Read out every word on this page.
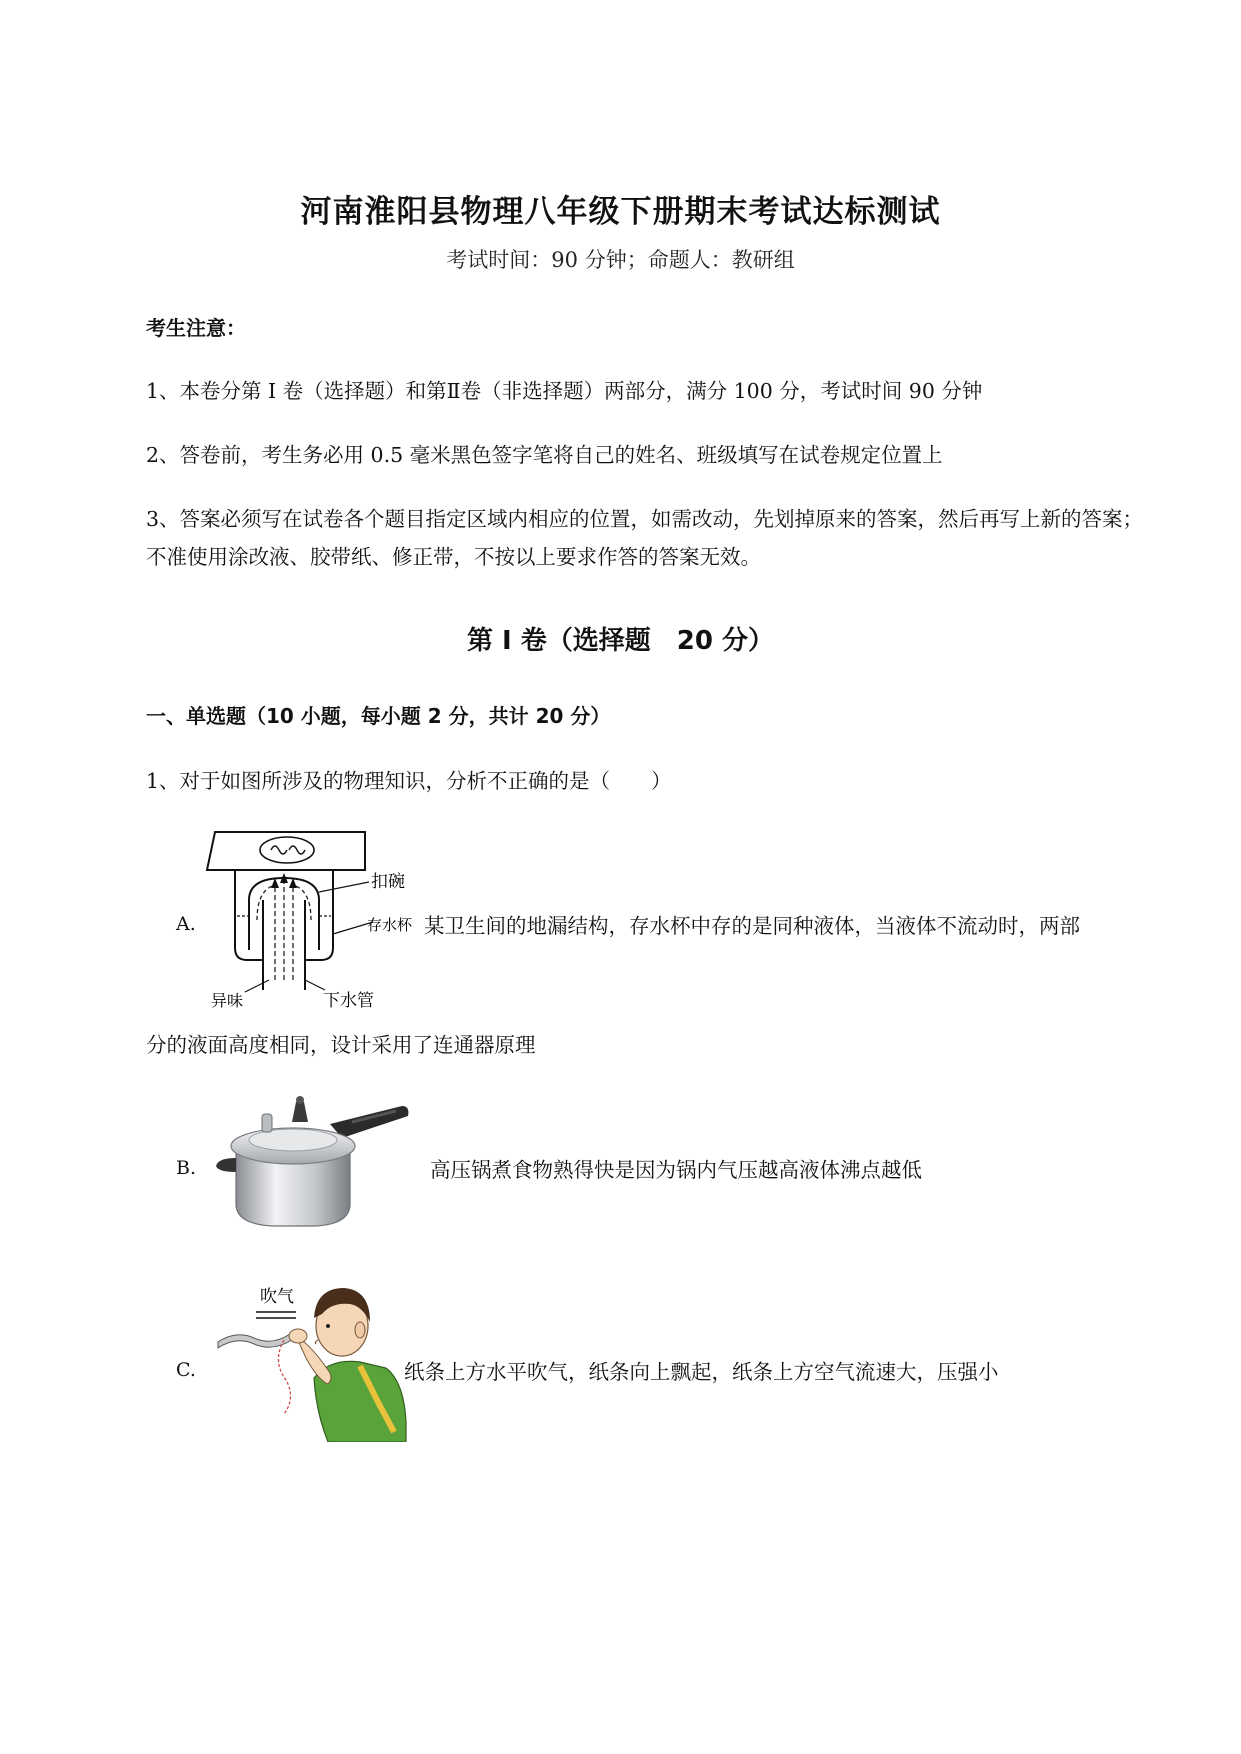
河南淮阳县物理八年级下册期末考试达标测试
考试时间：90 分钟；命题人：教研组
考生注意：
1、本卷分第 I 卷（选择题）和第Ⅱ卷（非选择题）两部分，满分 100 分，考试时间 90 分钟
2、答卷前，考生务必用 0.5 毫米黑色签字笔将自己的姓名、班级填写在试卷规定位置上
3、答案必须写在试卷各个题目指定区域内相应的位置，如需改动，先划掉原来的答案，然后再写上新的答案；不准使用涂改液、胶带纸、修正带，不按以上要求作答的答案无效。
第 I 卷（选择题　20 分）
一、单选题（10 小题，每小题 2 分，共计 20 分）
1、对于如图所涉及的物理知识，分析不正确的是（　　）
A.
扣碗
存水杯
异味	下水管
某卫生间的地漏结构，存水杯中存的是同种液体，当液体不流动时，两部
分的液面高度相同，设计采用了连通器原理
B.	高压锅煮食物熟得快是因为锅内气压越高液体沸点越低
C.
吹气
纸条上方水平吹气，纸条向上飘起，纸条上方空气流速大，压强小
